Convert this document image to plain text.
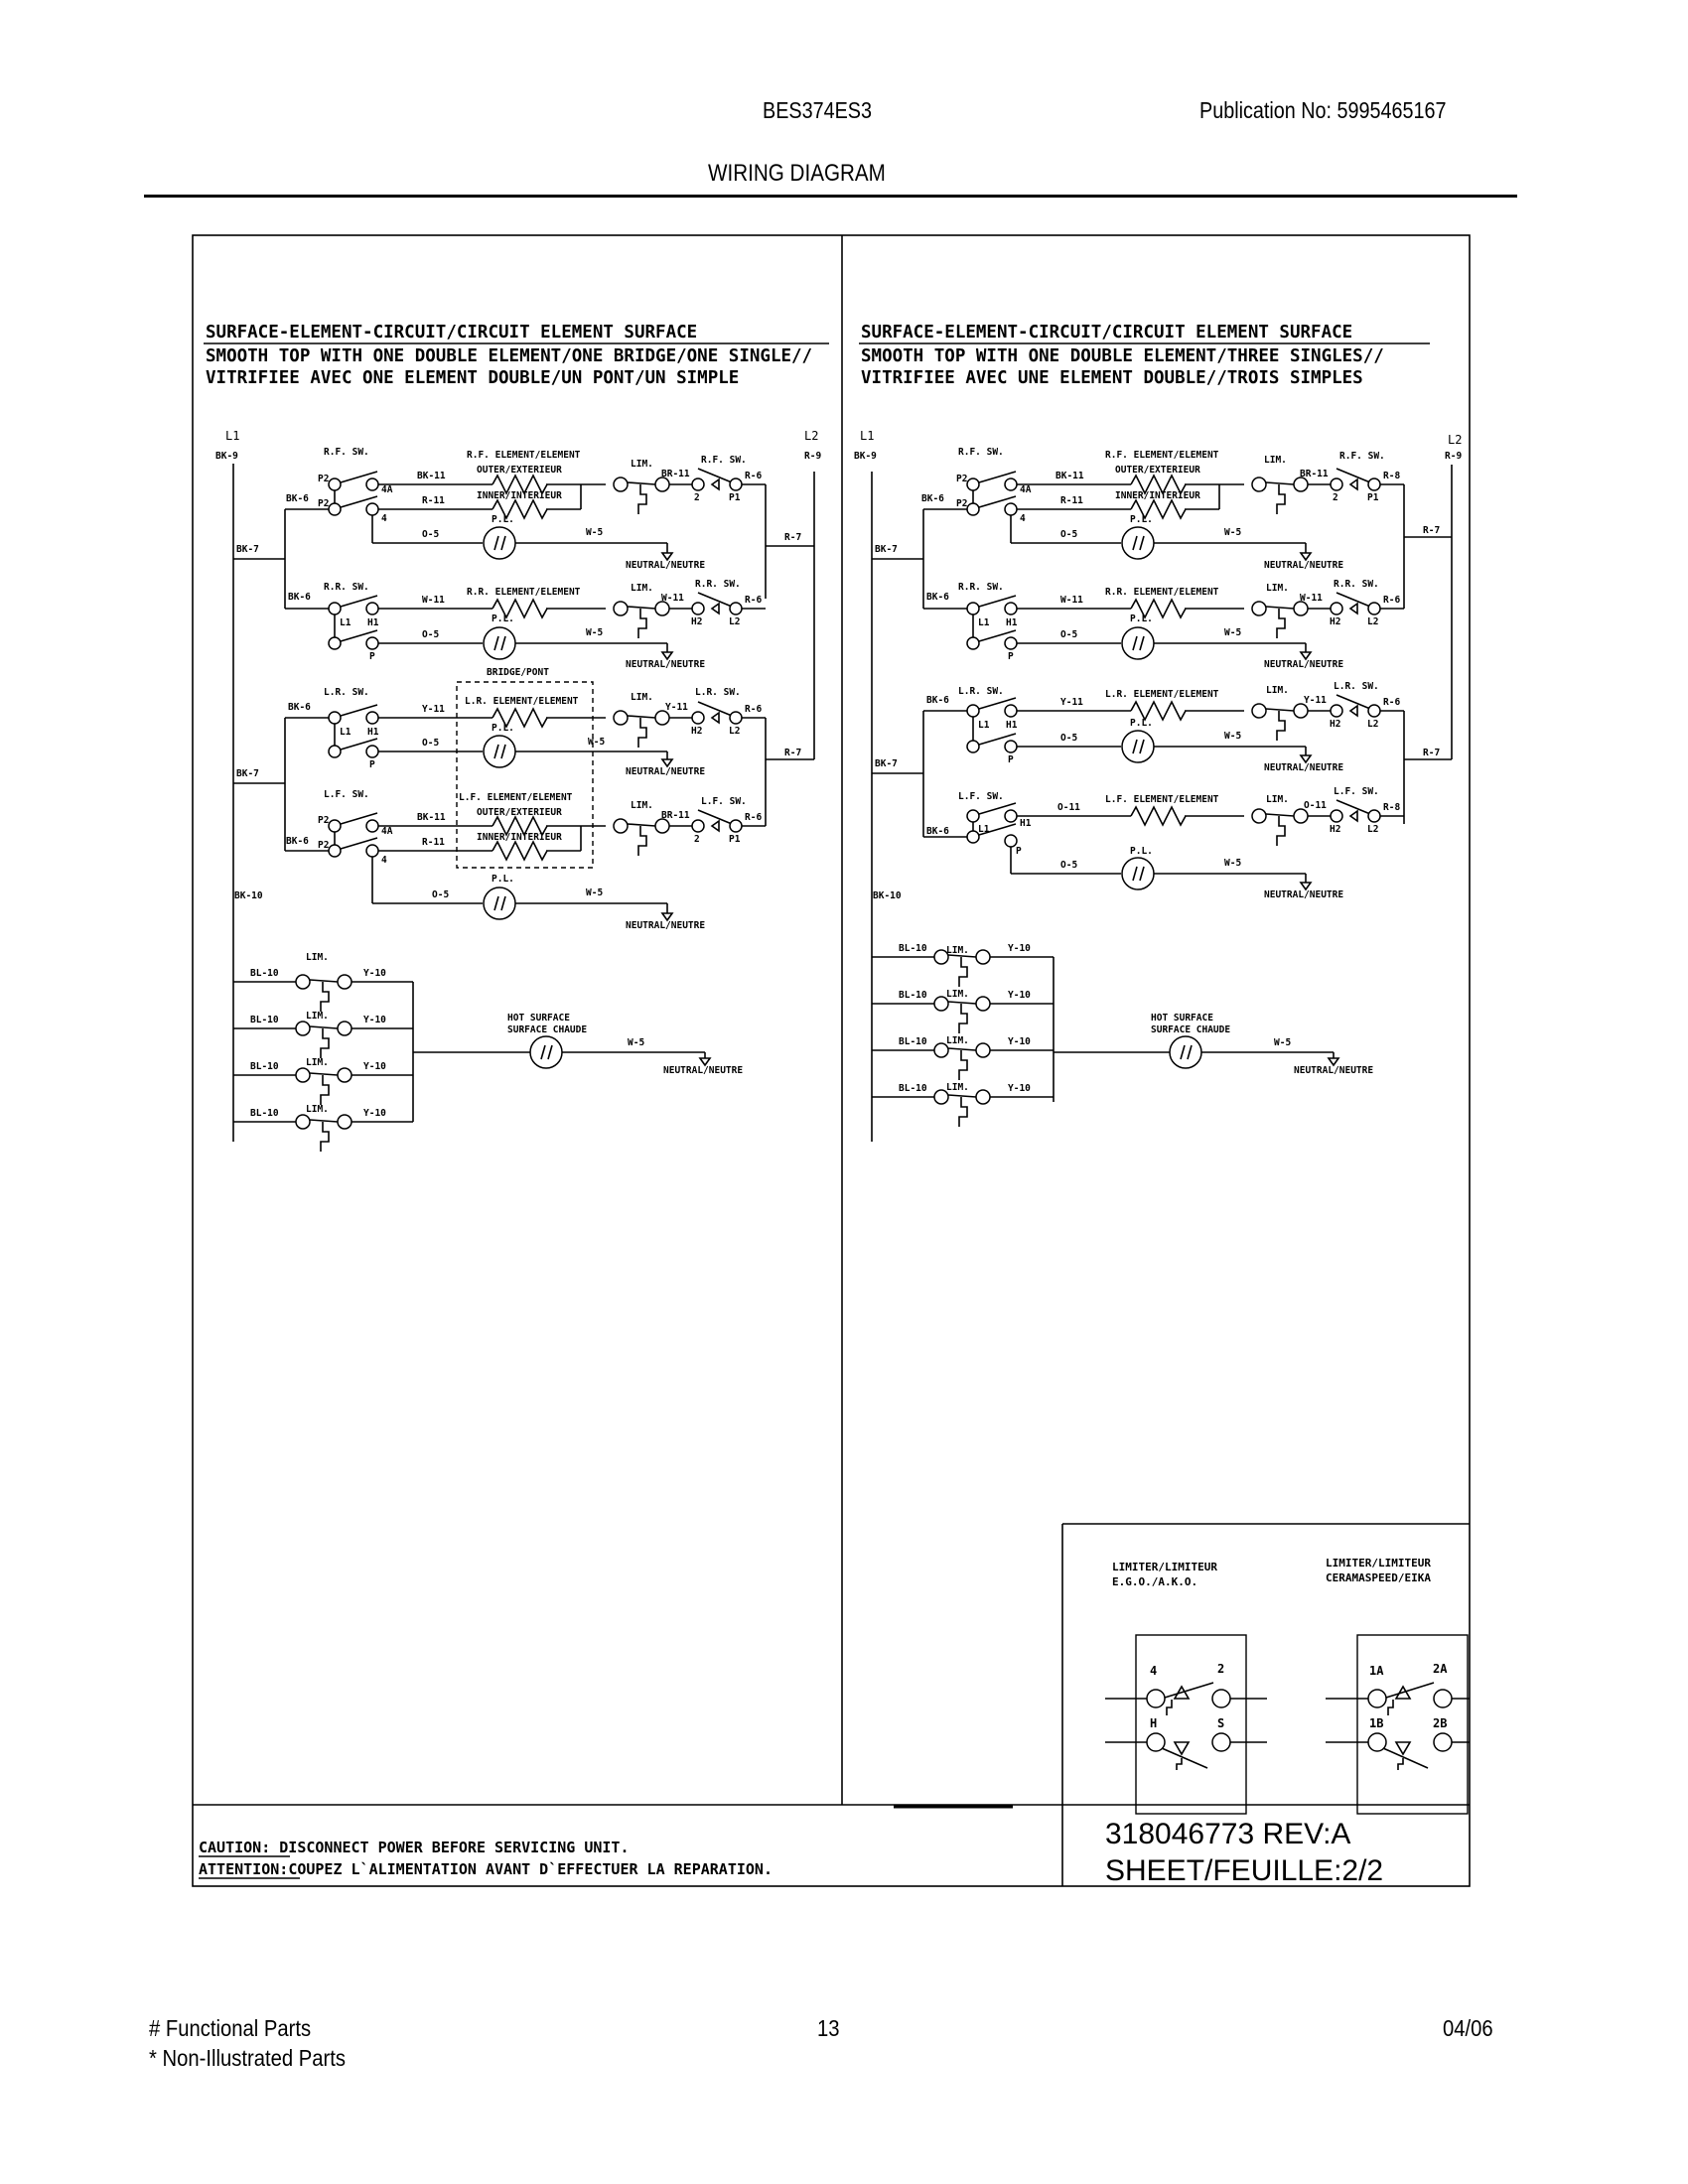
BES374ES3	Publication No: 5995465167
WIRING DIAGRAM
SURFACE-ELEMENT-CIRCUIT/CIRCUIT ELEMENT SURFACE
SMOOTH TOP WITH ONE DOUBLE ELEMENT/ONE BRIDGE/ONE SINGLE//
VITRIFIEE AVEC ONE ELEMENT DOUBLE/UN PONT/UN SIMPLE
L1
BK-9
L2
R-9
BK-7
BK-6
R.F. SW.
P2
P2
4A
4
BK-11
R-11
R.F. ELEMENT/ELEMENT
OUTER/EXTERIEUR
INNER/INTERIEUR
O-5
P.L.
W-5
NEUTRAL/NEUTRE
LIM.
BR-11
2
R.F. SW.
P1
R-6
R-7
BK-6
R.R. SW.
L1 H1
P
W-11
R.R. ELEMENT/ELEMENT
O-5
P.L.
W-5
NEUTRAL/NEUTRE
LIM.
W-11
H2
R.R. SW.
L2
R-6
BRIDGE/PONT
BK-7
BK-6
L.R. SW.
L1 H1
P
Y-11
L.R. ELEMENT/ELEMENT
O-5
P.L.
W-5
NEUTRAL/NEUTRE
LIM.
Y-11
H2
L.R. SW.
L2
R-6
R-7
BK-6
L.F. SW.
P2
P2
4A
4
BK-11
R-11
L.F. ELEMENT/ELEMENT
OUTER/EXTERIEUR
INNER/INTERIEUR
O-5
P.L.
W-5
NEUTRAL/NEUTRE
LIM.
BR-11
2
L.F. SW.
P1
R-6
BK-10
BL-10
BL-10
BL-10
BL-10
LIM.
LIM.
LIM.
LIM.
Y-10
Y-10
Y-10
Y-10
HOT SURFACE
SURFACE CHAUDE
W-5
NEUTRAL/NEUTRE
SURFACE-ELEMENT-CIRCUIT/CIRCUIT ELEMENT SURFACE
SMOOTH TOP WITH ONE DOUBLE ELEMENT/THREE SINGLES//
VITRIFIEE AVEC UNE ELEMENT DOUBLE//TROIS SIMPLES
L1
BK-9
L2
R-9
BK-7
BK-6
R.F. SW.
P2
P2
4A
4
BK-11
R-11
R.F. ELEMENT/ELEMENT
OUTER/EXTERIEUR
INNER/INTERIEUR
O-5
P.L.
W-5
NEUTRAL/NEUTRE
LIM.
BR-11
2
R.F. SW.
P1
R-8
R-7
BK-6
R.R. SW.
L1 H1
P
W-11
R.R. ELEMENT/ELEMENT
O-5
P.L.
W-5
NEUTRAL/NEUTRE
LIM.
W-11
H2
R.R. SW.
L2
R-6
BK-7
BK-6
L.R. SW.
L1 H1
P
Y-11
L.R. ELEMENT/ELEMENT
O-5
P.L.
W-5
NEUTRAL/NEUTRE
LIM.
Y-11
H2
L.R. SW.
L2
R-6
R-7
BK-6
L.F. SW.
L1
H1
P
O-11
L.F. ELEMENT/ELEMENT
O-5
P.L.
W-5
NEUTRAL/NEUTRE
LIM.
O-11
H2
L.F. SW.
L2
R-8
BK-10
BL-10
BL-10
BL-10
BL-10
LIM.
LIM.
LIM.
LIM.
Y-10
Y-10
Y-10
Y-10
HOT SURFACE
SURFACE CHAUDE
W-5
NEUTRAL/NEUTRE
LIMITER/LIMITEUR
E.G.O./A.K.O.
4	2
H	S
LIMITER/LIMITEUR
CERAMASPEED/EIKA
1A	2A
1B	2B
CAUTION: DISCONNECT POWER BEFORE SERVICING UNIT.
ATTENTION:COUPEZ L`ALIMENTATION AVANT D`EFFECTUER LA REPARATION.
318046773 REV:A
SHEET/FEUILLE:2/2
# Functional Parts
* Non-Illustrated Parts
13	04/06
